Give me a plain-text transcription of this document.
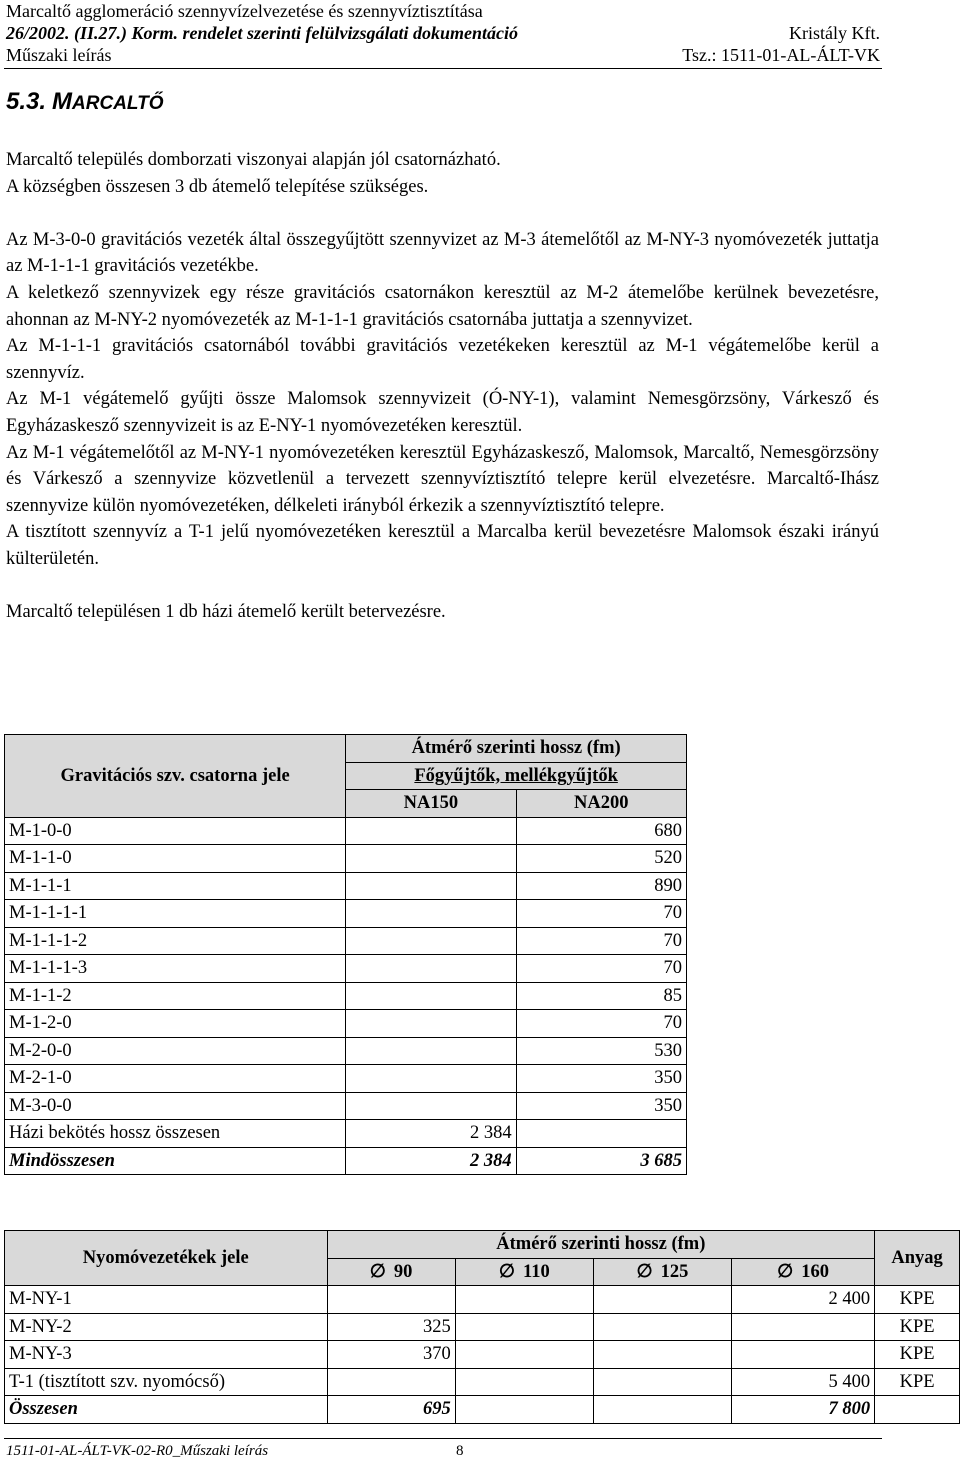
Marcaltő agglomeráció szennyvízelvezetése és szennyvíztisztítása
26/2002. (II.27.) Korm. rendelet szerinti felülvizsgálati dokumentáció	Kristály Kft.
Műszaki leírás	Tsz.: 1511-01-AL-ÁLT-VK
5.3. MARCALTŐ

Marcaltő település domborzati viszonyai alapján jól csatornázható.

A községben összesen 3 db átemelő telepítése szükséges.

Az M-3-0-0 gravitációs vezeték által összegyűjtött szennyvizet az M-3 átemelőtől az M-NY-3 nyomóvezeték juttatja az M-1-1-1 gravitációs vezetékbe.

A keletkező szennyvizek egy része gravitációs csatornákon keresztül az M-2 átemelőbe kerülnek bevezetésre, ahonnan az M-NY-2 nyomóvezeték az M-1-1-1 gravitációs csatornába juttatja a szennyvizet.

Az M-1-1-1 gravitációs csatornából további gravitációs vezetékeken keresztül az M-1 végátemelőbe kerül a szennyvíz.

Az M-1 végátemelő gyűjti össze Malomsok szennyvizeit (Ó-NY-1), valamint Nemesgörzsöny, Várkesző és Egyházaskesző szennyvizeit is az E-NY-1 nyomóvezetéken keresztül.

Az M-1 végátemelőtől az M-NY-1 nyomóvezetéken keresztül Egyházaskesző, Malomsok, Marcaltő, Nemesgörzsöny és Várkesző a szennyvize közvetlenül a tervezett szennyvíztisztító telepre kerül elvezetésre. Marcaltő-Ihász szennyvize külön nyomóvezetéken, délkeleti irányból érkezik a szennyvíztisztító telepre.

A tisztított szennyvíz a T-1 jelű nyomóvezetéken keresztül a Marcalba kerül bevezetésre Malomsok északi irányú külterületén.

Marcaltő településen 1 db házi átemelő került betervezésre.

Gravitációs szv. csatorna jele	Átmérő szerinti hossz (fm)	
	Főgyűjtők, mellékgyűjtők	
	NA150	NA200
M-1-0-0		680
M-1-1-0		520
M-1-1-1		890
M-1-1-1-1		70
M-1-1-1-2		70
M-1-1-1-3		70
M-1-1-2		85
M-1-2-0		70
M-2-0-0		530
M-2-1-0		350
M-3-0-0		350
Házi bekötés hossz összesen	2 384	
Mindösszesen	2 384	3 685
Nyomóvezetékek jele	Átmérő szerinti hossz (fm)				Anyag
	∅ 90	∅ 110	∅ 125	∅ 160	
M-NY-1				2 400	KPE
M-NY-2	325				KPE
M-NY-3	370				KPE
T-1 (tisztított szv. nyomócső)				5 400	KPE
Összesen	695			7 800	
1511-01-AL-ÁLT-VK-02-R0_Műszaki leírás	8
